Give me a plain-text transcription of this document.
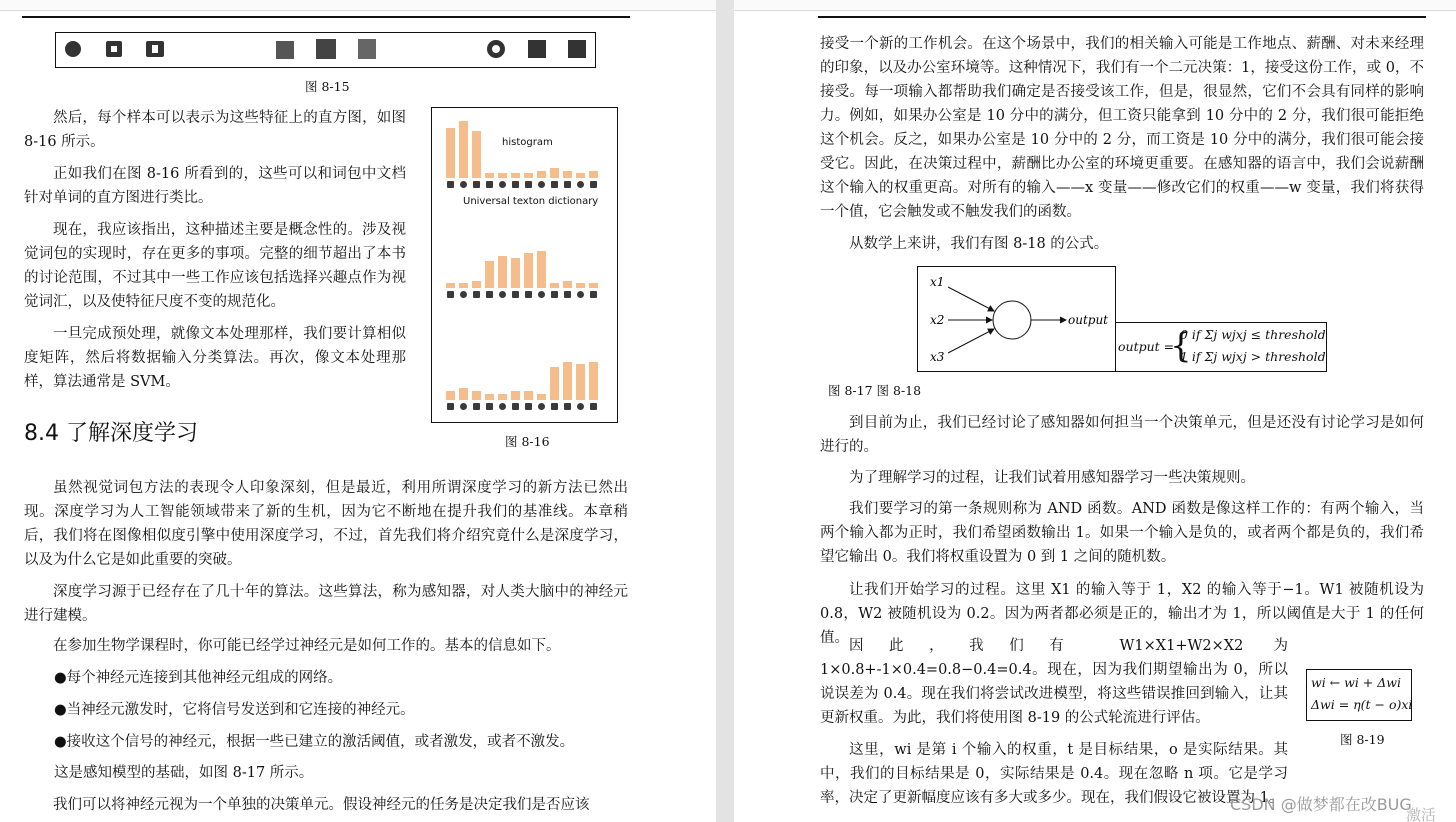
图 8-15

然后，每个样本可以表示为这些特征上的直方图，如图 8-16 所示。

正如我们在图 8-16 所看到的，这些可以和词包中文档针对单词的直方图进行类比。

现在，我应该指出，这种描述主要是概念性的。涉及视觉词包的实现时，存在更多的事项。完整的细节超出了本书的讨论范围，不过其中一些工作应该包括选择兴趣点作为视觉词汇，以及使特征尺度不变的规范化。

一旦完成预处理，就像文本处理那样，我们要计算相似度矩阵，然后将数据输入分类算法。再次，像文本处理那样，算法通常是 SVM。

histogram
Universal texton dictionary
图 8-16
8.4 了解深度学习

虽然视觉词包方法的表现令人印象深刻，但是最近，利用所谓深度学习的新方法已然出现。深度学习为人工智能领域带来了新的生机，因为它不断地在提升我们的基准线。本章稍后，我们将在图像相似度引擎中使用深度学习，不过，首先我们将介绍究竟什么是深度学习，以及为什么它是如此重要的突破。

深度学习源于已经存在了几十年的算法。这些算法，称为感知器，对人类大脑中的神经元进行建模。

在参加生物学课程时，你可能已经学过神经元是如何工作的。基本的信息如下。

●每个神经元连接到其他神经元组成的网络。

●当神经元激发时，它将信号发送到和它连接的神经元。

●接收这个信号的神经元，根据一些已建立的激活阈值，或者激发，或者不激发。

这是感知模型的基础，如图 8-17 所示。

我们可以将神经元视为一个单独的决策单元。假设神经元的任务是决定我们是否应该

接受一个新的工作机会。在这个场景中，我们的相关输入可能是工作地点、薪酬、对未来经理的印象，以及办公室环境等。这种情况下，我们有一个二元决策：1，接受这份工作，或 0，不接受。每一项输入都帮助我们确定是否接受该工作，但是，很显然，它们不会具有同样的影响力。例如，如果办公室是 10 分中的满分，但工资只能拿到 10 分中的 2 分，我们很可能拒绝这个机会。反之，如果办公室是 10 分中的 2 分，而工资是 10 分中的满分，我们很可能会接受它。因此，在决策过程中，薪酬比办公室的环境更重要。在感知器的语言中，我们会说薪酬这个输入的权重更高。对所有的输入——x 变量——修改它们的权重——w 变量，我们将获得一个值，它会触发或不触发我们的函数。

从数学上来讲，我们有图 8-18 的公式。

x1
x2
x3
output
output =
{
0 if Σj wjxj ≤ threshold
1 if Σj wjxj > threshold
图 8-17 图 8-18

到目前为止，我们已经讨论了感知器如何担当一个决策单元，但是还没有讨论学习是如何进行的。

为了理解学习的过程，让我们试着用感知器学习一些决策规则。

我们要学习的第一条规则称为 AND 函数。AND 函数是像这样工作的：有两个输入，当两个输入都为正时，我们希望函数输出 1。如果一个输入是负的，或者两个都是负的，我们希望它输出 0。我们将权重设置为 0 到 1 之间的随机数。

让我们开始学习的过程。这里 X1 的输入等于 1，X2 的输入等于−1。W1 被随机设为 0.8，W2 被随机设为 0.2。因为两者都必须是正的，输出才为 1，所以阈值是大于 1 的任何值。 因此，我们有 W1×X1+W2×X2 为 1×0.8+-1×0.4=0.8−0.4=0.4。现在，因为我们期望输出为 0，所以说误差为 0.4。现在我们将尝试改进模型，将这些错误推回到输入，让其更新权重。为此，我们将使用图 8-19 的公式轮流进行评估。

wi ← wi + Δwi
Δwi = η(t − o)xi
图 8-19

这里，wi 是第 i 个输入的权重，t 是目标结果，o 是实际结果。其中，我们的目标结果是 0，实际结果是 0.4。现在忽略 n 项。它是学习率，决定了更新幅度应该有多大或多少。现在，我们假设它被设置为 1。

CSDN @做梦都在改BUG
激活
